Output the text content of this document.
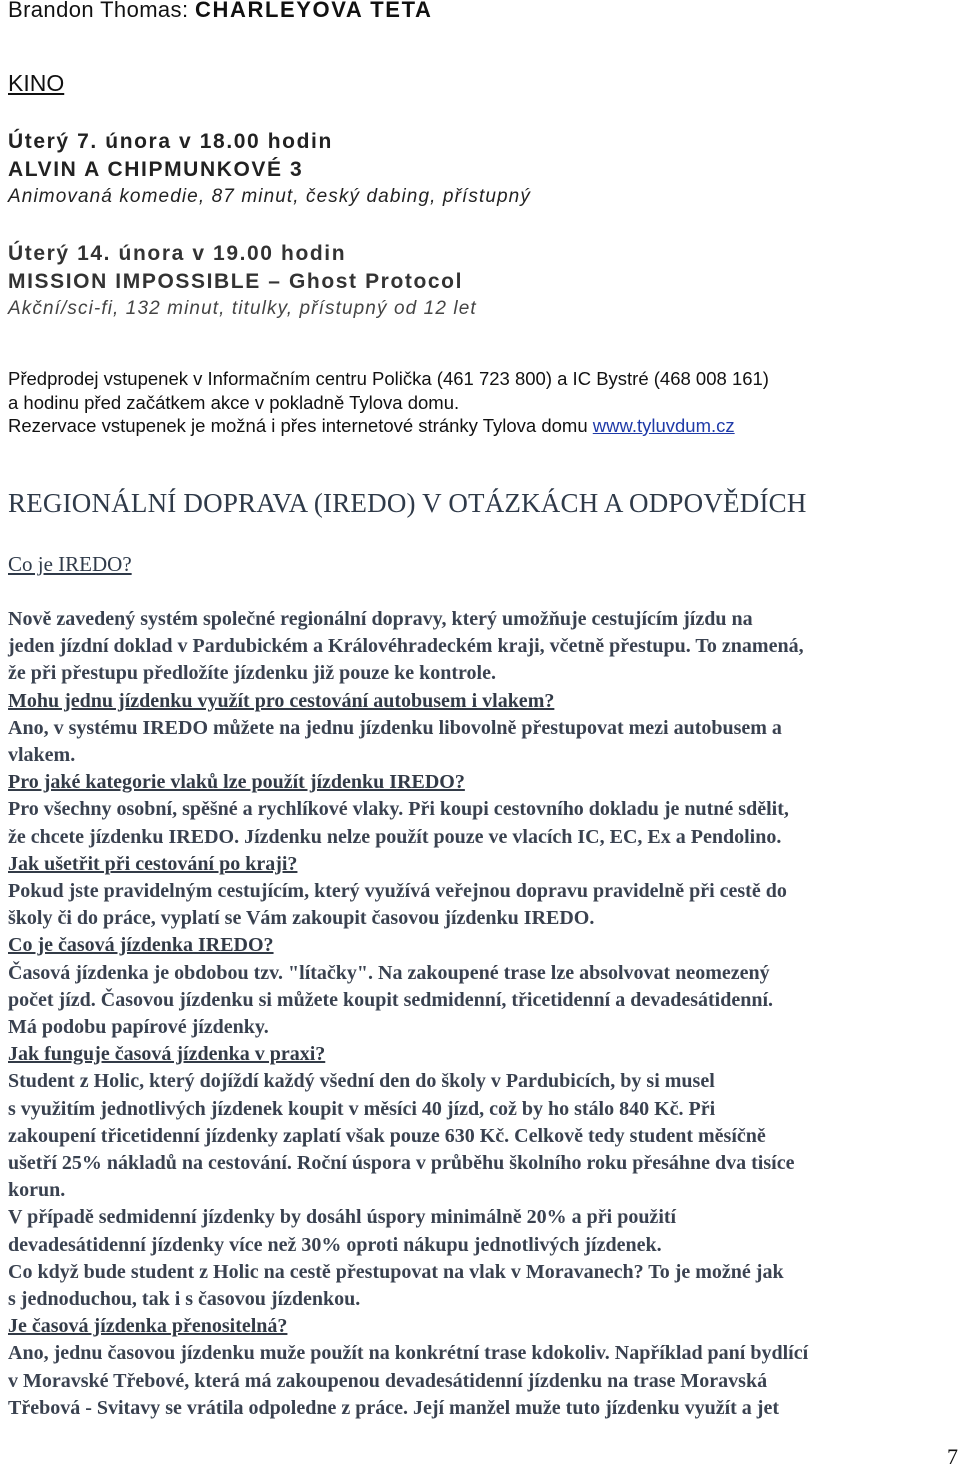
Brandon Thomas: CHARLEYOVA TETA
KINO
Úterý 7. února v 18.00 hodin
ALVIN A CHIPMUNKOVÉ 3
Animovaná komedie, 87 minut, český dabing, přístupný
Úterý 14. února v 19.00 hodin
MISSION IMPOSSIBLE – Ghost Protocol
Akční/sci-fi, 132 minut, titulky, přístupný od 12 let
Předprodej vstupenek v Informačním centru Polička (461 723 800) a IC Bystré (468 008 161)
a hodinu před začátkem akce v pokladně Tylova domu.
Rezervace vstupenek je možná i přes internetové stránky Tylova domu www.tyluvdum.cz
REGIONÁLNÍ DOPRAVA (IREDO) V OTÁZKÁCH A ODPOVĚDÍCH
Co je IREDO?

Nově zavedený systém společné regionální dopravy, který umožňuje cestujícím jízdu na

jeden jízdní doklad v Pardubickém a Královéhradeckém kraji, včetně přestupu. To znamená,

že při přestupu předložíte jízdenku již pouze ke kontrole.

Mohu jednu jízdenku využít pro cestování autobusem i vlakem?

Ano, v systému IREDO můžete na jednu jízdenku libovolně přestupovat mezi autobusem a

vlakem.

Pro jaké kategorie vlaků lze použít jízdenku IREDO?

Pro všechny osobní, spěšné a rychlíkové vlaky. Při koupi cestovního dokladu je nutné sdělit,

že chcete jízdenku IREDO. Jízdenku nelze použít pouze ve vlacích IC, EC, Ex a Pendolino.

Jak ušetřit při cestování po kraji?

Pokud jste pravidelným cestujícím, který využívá veřejnou dopravu pravidelně při cestě do

školy či do práce, vyplatí se Vám zakoupit časovou jízdenku IREDO.

Co je časová jízdenka IREDO?

Časová jízdenka je obdobou tzv. "lítačky". Na zakoupené trase lze absolvovat neomezený

počet jízd. Časovou jízdenku si můžete koupit sedmidenní, třicetidenní a devadesátidenní.

Má podobu papírové jízdenky.

Jak funguje časová jízdenka v praxi?

Student z Holic, který dojíždí každý všední den do školy v Pardubicích, by si musel

s využitím jednotlivých jízdenek koupit v měsíci 40 jízd, což by ho stálo 840 Kč. Při

zakoupení třicetidenní jízdenky zaplatí však pouze 630 Kč. Celkově tedy student měsíčně

ušetří 25% nákladů na cestování. Roční úspora v průběhu školního roku přesáhne dva tisíce

korun.

V případě sedmidenní jízdenky by dosáhl úspory minimálně 20% a při použití

devadesátidenní jízdenky více než 30% oproti nákupu jednotlivých jízdenek.

Co když bude student z Holic na cestě přestupovat na vlak v Moravanech? To je možné jak

s jednoduchou, tak i s časovou jízdenkou.

Je časová jízdenka přenositelná?

Ano, jednu časovou jízdenku muže použít na konkrétní trase kdokoliv. Například paní bydlící

v Moravské Třebové, která má zakoupenou devadesátidenní jízdenku na trase Moravská

Třebová - Svitavy se vrátila odpoledne z práce. Její manžel muže tuto jízdenku využít a jet

7
